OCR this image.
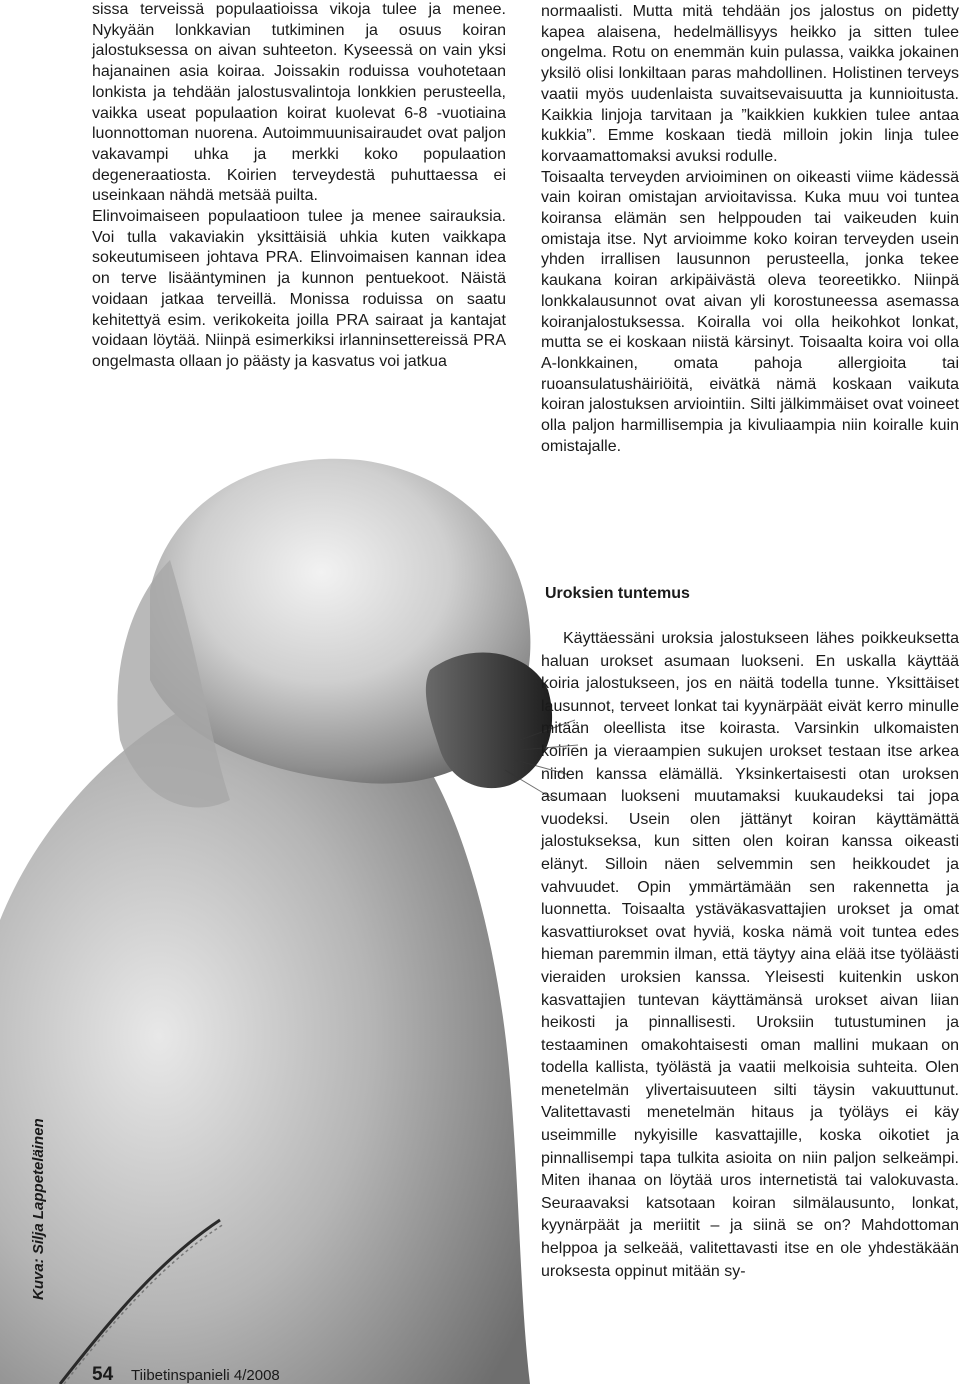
sissa terveissä populaatioissa vikoja tulee ja menee. Nykyään lonkkavian tutkiminen ja osuus koiran jalostuksessa on aivan suhteeton. Kyseessä on vain yksi hajanainen asia koiraa. Joissakin roduissa vouhotetaan lonkista ja tehdään jalostusvalintoja lonkkien perusteella, vaikka useat populaation koirat kuolevat 6-8 -vuotiaina luonnottoman nuorena. Autoimmuunisairaudet ovat paljon vakavampi uhka ja merkki koko populaation degeneraatiosta. Koirien terveydestä puhuttaessa ei useinkaan nähdä metsää puilta.

Elinvoimaiseen populaatioon tulee ja menee sairauksia. Voi tulla vakaviakin yksittäisiä uhkia kuten vaikkapa sokeutumiseen johtava PRA. Elinvoimaisen kannan idea on terve lisääntyminen ja kunnon pentuekoot. Näistä voidaan jatkaa terveillä. Monissa roduissa on saatu kehitettyä esim. verikokeita joilla PRA sairaat ja kantajat voidaan löytää. Niinpä esimerkiksi irlanninsettereissä PRA ongelmasta ollaan jo päästy ja kasvatus voi jatkua

normaalisti. Mutta mitä tehdään jos jalostus on pidetty kapea alaisena, hedelmällisyys heikko ja sitten tulee ongelma. Rotu on enemmän kuin pulassa, vaikka jokainen yksilö olisi lonkiltaan paras mahdollinen. Holistinen terveys vaatii myös uudenlaista suvaitsevaisuutta ja kunnioitusta. Kaikkia linjoja tarvitaan ja ”kaikkien kukkien tulee antaa kukkia”. Emme koskaan tiedä milloin jokin linja tulee korvaamattomaksi avuksi rodulle.

Toisaalta terveyden arvioiminen on oikeasti viime kädessä vain koiran omistajan arvioitavissa. Kuka muu voi tuntea koiransa elämän sen helppouden tai vaikeuden kuin omistaja itse. Nyt arvioimme koko koiran terveyden usein yhden irrallisen lausunnon perusteella, jonka tekee kaukana koiran arkipäivästä oleva teoreetikko. Niinpä lonkkalausunnot ovat aivan yli korostuneessa asemassa koiranjalostuksessa. Koiralla voi olla heikohkot lonkat, mutta se ei koskaan niistä kärsinyt. Toisaalta koira voi olla A-lonkkainen, omata pahoja allergioita tai ruoansulatushäiriöitä, eivätkä nämä koskaan vaikuta koiran jalostuksen arviointiin. Silti jälkimmäiset ovat voineet olla paljon harmillisempia ja kivuliaampia niin koiralle kuin omistajalle.

Uroksien tuntemus

Käyttäessäni uroksia jalostukseen lähes poikkeuksetta haluan urokset asumaan luokseni. En uskalla käyttää koiria jalostukseen, jos en näitä todella tunne. Yksittäiset lausunnot, terveet lonkat tai kyynärpäät eivät kerro minulle mitään oleellista itse koirasta. Varsinkin ulkomaisten koirien ja vieraampien sukujen urokset testaan itse arkea niiden kanssa elämällä. Yksinkertaisesti otan uroksen asumaan luokseni muutamaksi kuukaudeksi tai jopa vuodeksi. Usein olen jättänyt koiran käyttämättä jalostukseksa, kun sitten olen koiran kanssa oikeasti elänyt. Silloin näen selvemmin sen heikkoudet ja vahvuudet. Opin ymmärtämään sen rakennetta ja luonnetta. Toisaalta ystäväkasvattajien urokset ja omat kasvattiurokset ovat hyviä, koska nämä voit tuntea edes hieman paremmin ilman, että täytyy aina elää itse työläästi vieraiden uroksien kanssa. Yleisesti kuitenkin uskon kasvattajien tuntevan käyttämänsä urokset aivan liian heikosti ja pinnallisesti. Uroksiin tutustuminen ja testaaminen omakohtaisesti oman mallini mukaan on todella kallista, työlästä ja vaatii melkoisia suhteita. Olen menetelmän ylivertaisuuteen silti täysin vakuuttunut. Valitettavasti menetelmän hitaus ja työläys ei käy useimmille nykyisille kasvattajille, koska oikotiet ja pinnallisempi tapa tulkita asioita on niin paljon selkeämpi. Miten ihanaa on löytää uros internetistä tai valokuvasta. Seuraavaksi katsotaan koiran silmälausunto, lonkat, kyynärpäät ja meriitit – ja siinä se on? Mahdottoman helppoa ja selkeää, valitettavasti itse en ole yhdestäkään uroksesta oppinut mitään sy-

Kuva: Silja Lappeteläinen
54 Tiibetinspanieli 4/2008
